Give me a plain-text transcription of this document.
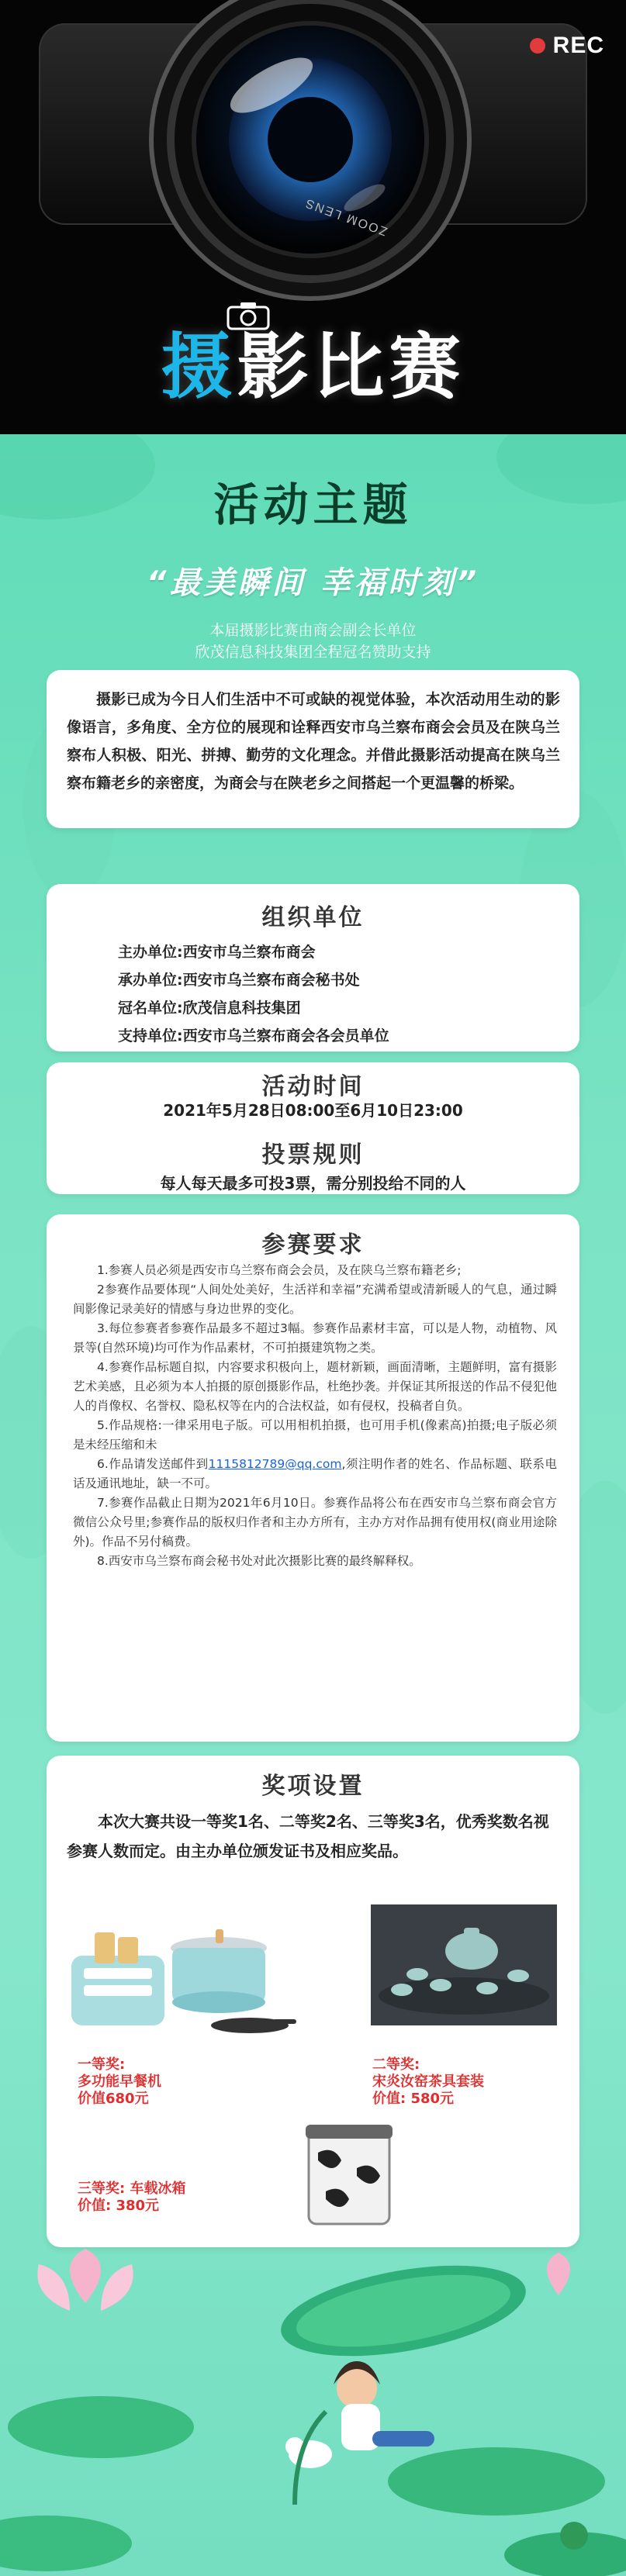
ZOOM LENS
REC
摄影比赛
活动主题
“最美瞬间 幸福时刻”
本届摄影比赛由商会副会长单位
欣茂信息科技集团全程冠名赞助支持
摄影已成为今日人们生活中不可或缺的视觉体验，本次活动用生动的影像语言，多角度、全方位的展现和诠释西安市乌兰察布商会会员及在陕乌兰察布人积极、阳光、拼搏、勤劳的文化理念。并借此摄影活动提高在陕乌兰察布籍老乡的亲密度，为商会与在陕老乡之间搭起一个更温馨的桥梁。
组织单位
主办单位:西安市乌兰察布商会
承办单位:西安市乌兰察布商会秘书处
冠名单位:欣茂信息科技集团
支持单位:西安市乌兰察布商会各会员单位
活动时间
2021年5月28日08:00至6月10日23:00
投票规则
每人每天最多可投3票，需分别投给不同的人
参赛要求

1.参赛人员必须是西安市乌兰察布商会会员，及在陕乌兰察布籍老乡;

2参赛作品要体现“人间处处美好，生活祥和幸福”充满希望或清新暖人的气息，通过瞬间影像记录美好的情感与身边世界的变化。

3.每位参赛者参赛作品最多不超过3幅。参赛作品素材丰富，可以是人物，动植物、风景等(自然环境)均可作为作品素材，不可拍摄建筑物之类。

4.参赛作品标题自拟，内容要求积极向上，题材新颖，画面清晰，主题鲜明，富有摄影艺术美感，且必须为本人拍摄的原创摄影作品，杜绝抄袭。并保证其所报送的作品不侵犯他人的肖像权、名誉权、隐私权等在内的合法权益，如有侵权，投稿者自负。

5.作品规格:一律采用电子版。可以用相机拍摄，也可用手机(像素高)拍摄;电子版必须是未经压缩和未

6.作品请发送邮件到1115812789@qq.com,须注明作者的姓名、作品标题、联系电话及通讯地址，缺一不可。

7.参赛作品截止日期为2021年6月10日。参赛作品将公布在西安市乌兰察布商会官方微信公众号里;参赛作品的版权归作者和主办方所有，主办方对作品拥有使用权(商业用途除外)。作品不另付稿费。

8.西安市乌兰察布商会秘书处对此次摄影比赛的最终解释权。

奖项设置
本次大赛共设一等奖1名、二等奖2名、三等奖3名，优秀奖数名视参赛人数而定。由主办单位颁发证书及相应奖品。
一等奖:
多功能早餐机
价值680元
二等奖:
宋炎汝窑茶具套装
价值: 580元
三等奖: 车载冰箱
价值: 380元
